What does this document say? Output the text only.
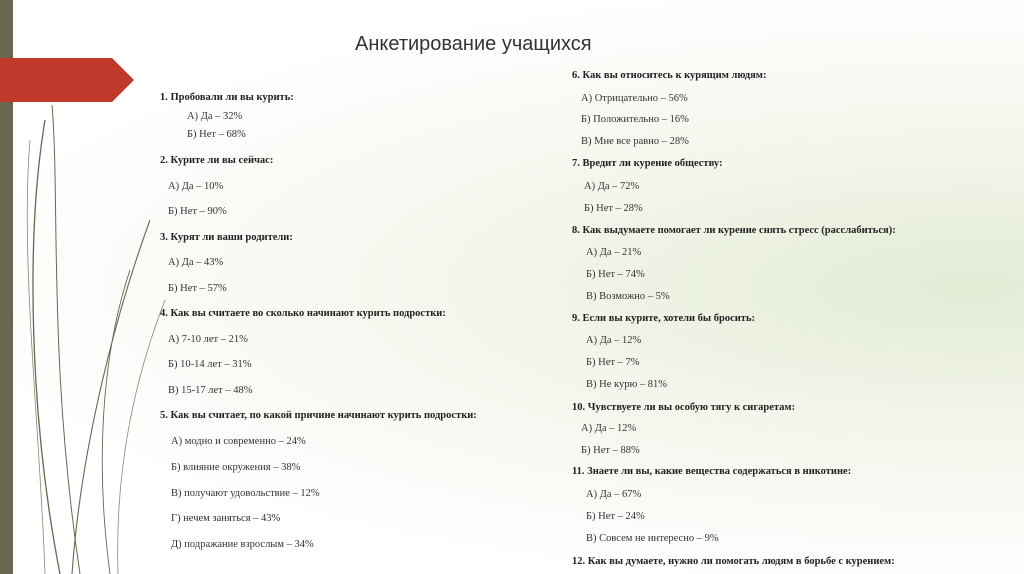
Анкетирование учащихся
1. Пробовали ли вы курить:
А) Да – 32%
Б) Нет – 68%
2. Курите ли вы сейчас:
А) Да – 10%
Б) Нет – 90%
3. Курят ли ваши родители:
А) Да – 43%
Б) Нет – 57%
4. Как вы считаете во сколько начинают курить подростки:
А) 7-10 лет – 21%
Б) 10-14 лет – 31%
В) 15-17 лет – 48%
5. Как вы считает, по какой причине начинают курить подростки:
А) модно и современно – 24%
Б) влияние окружения – 38%
В) получают удовольствие – 12%
Г) нечем заняться – 43%
Д) подражание взрослым – 34%
6. Как вы относитесь к курящим людям:
А) Отрицательно – 56%
Б) Положительно – 16%
В) Мне все равно – 28%
7. Вредит ли курение обществу:
А) Да – 72%
Б) Нет – 28%
8. Как выдумаете помогает ли курение снять стресс (расслабиться):
А) Да – 21%
Б) Нет – 74%
В) Возможно – 5%
9. Если вы курите, хотели бы бросить:
А) Да – 12%
Б) Нет – 7%
В) Не курю – 81%
10. Чувствуете ли вы особую тягу к сигаретам:
А) Да – 12%
Б) Нет – 88%
11. Знаете ли вы, какие вещества содержаться в никотине:
А) Да – 67%
Б) Нет – 24%
В) Совсем не интересно – 9%
12. Как вы думаете, нужно ли помогать людям в борьбе с курением:
